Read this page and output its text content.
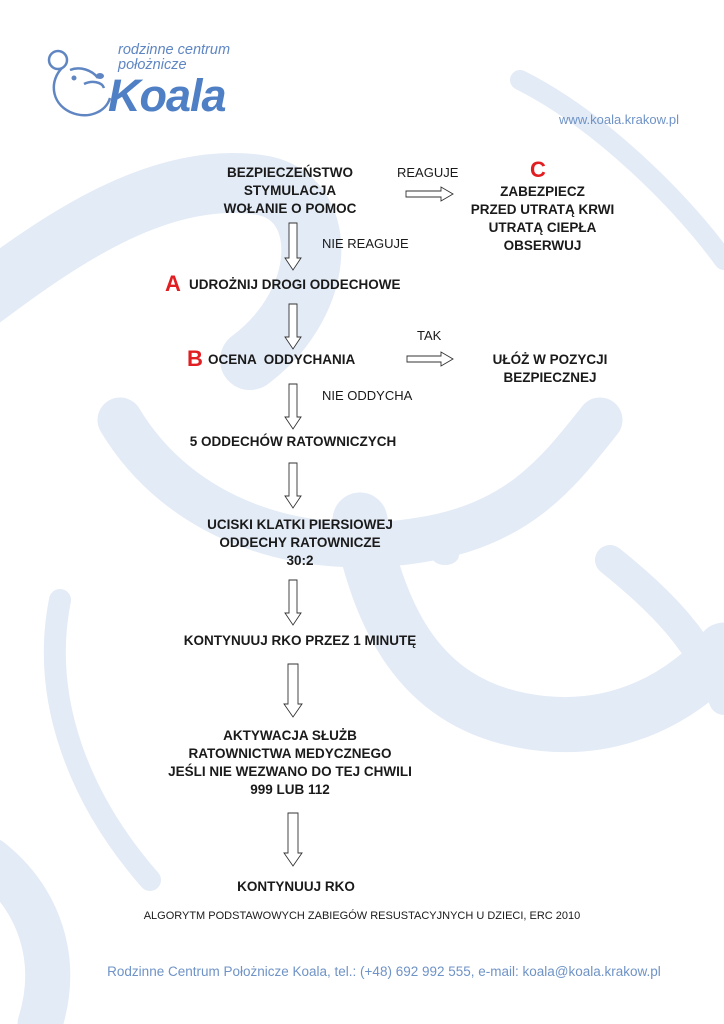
rodzinne centrum
położnicze
Koala	www.koala.krakow.pl
BEZPIECZEŃSTWO
STYMULACJA
WOŁANIE O POMOC
REAGUJE	C
ZABEZPIECZ
PRZED UTRATĄ KRWI
UTRATĄ CIEPŁA
OBSERWUJ
NIE REAGUJE
A UDROŻNIJ DROGI ODDECHOWE
TAK
B OCENA  ODDYCHANIA	UŁÓŻ W POZYCJI
BEZPIECZNEJ
NIE ODDYCHA
5 ODDECHÓW RATOWNICZYCH
UCISKI KLATKI PIERSIOWEJ
ODDECHY RATOWNICZE
30:2
KONTYNUUJ RKO PRZEZ 1 MINUTĘ
AKTYWACJA SŁUŻB
RATOWNICTWA MEDYCZNEGO
JEŚLI NIE WEZWANO DO TEJ CHWILI
999 LUB 112
KONTYNUUJ RKO
ALGORYTM PODSTAWOWYCH ZABIEGÓW RESUSTACYJNYCH U DZIECI, ERC 2010
Rodzinne Centrum Położnicze Koala, tel.: (+48) 692 992 555, e-mail: koala@koala.krakow.pl
